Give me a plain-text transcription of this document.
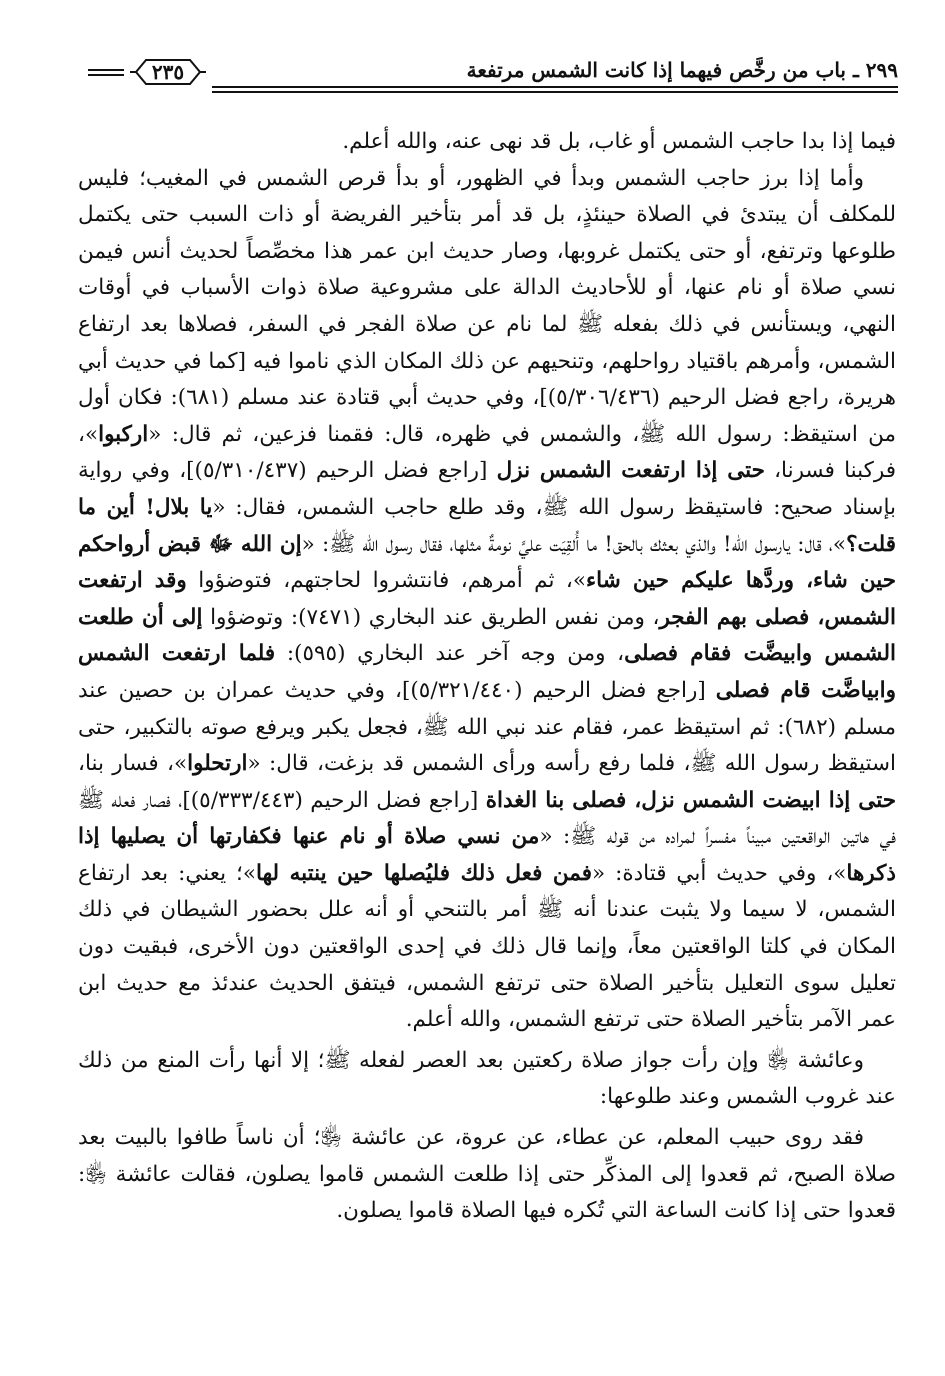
٢٩٩ ـ باب من رخَّص فيهما إذا كانت الشمس مرتفعة
٢٣٥

فيما إذا بدا حاجب الشمس أو غاب، بل قد نهى عنه، والله أعلم.

وأما إذا برز حاجب الشمس وبدأ في الظهور، أو بدأ قرص الشمس في المغيب؛ فليس للمكلف أن يبتدئ في الصلاة حينئذٍ، بل قد أمر بتأخير الفريضة أو ذات السبب حتى يكتمل طلوعها وترتفع، أو حتى يكتمل غروبها، وصار حديث ابن عمر هذا مخصِّصاً لحديث أنس فيمن نسي صلاة أو نام عنها، أو للأحاديث الدالة على مشروعية صلاة ذوات الأسباب في أوقات النهي، ويستأنس في ذلك بفعله ﷺ لما نام عن صلاة الفجر في السفر، فصلاها بعد ارتفاع الشمس، وأمرهم باقتياد رواحلهم، وتنحيهم عن ذلك المكان الذي ناموا فيه [كما في حديث أبي هريرة، راجع فضل الرحيم (٥/٣٠٦/٤٣٦)]، وفي حديث أبي قتادة عند مسلم (٦٨١): فكان أول من استيقظ: رسول الله ﷺ، والشمس في ظهره، قال: فقمنا فزعين، ثم قال: «اركبوا»، فركبنا فسرنا، حتى إذا ارتفعت الشمس نزل [راجع فضل الرحيم (٥/٣١٠/٤٣٧)]، وفي رواية بإسناد صحيح: فاستيقظ رسول الله ﷺ، وقد طلع حاجب الشمس، فقال: «يا بلال! أين ما قلت؟»، قال: يارسول الله! والذي بعثك بالحق! ما أُلقِيَت عليَّ نومةٌ مثلها، فقال رسول الله ﷺ: «إن الله ﷻ قبض أرواحكم حين شاء، وردَّها عليكم حين شاء»، ثم أمرهم، فانتشروا لحاجتهم، فتوضؤوا وقد ارتفعت الشمس، فصلى بهم الفجر، ومن نفس الطريق عند البخاري (٧٤٧١): وتوضؤوا إلى أن طلعت الشمس وابيضَّت فقام فصلى، ومن وجه آخر عند البخاري (٥٩٥): فلما ارتفعت الشمس وابياضَّت قام فصلى [راجع فضل الرحيم (٥/٣٢١/٤٤٠)]، وفي حديث عمران بن حصين عند مسلم (٦٨٢): ثم استيقظ عمر، فقام عند نبي الله ﷺ، فجعل يكبر ويرفع صوته بالتكبير، حتى استيقظ رسول الله ﷺ، فلما رفع رأسه ورأى الشمس قد بزغت، قال: «ارتحلوا»، فسار بنا، حتى إذا ابيضت الشمس نزل، فصلى بنا الغداة [راجع فضل الرحيم (٥/٣٣٣/٤٤٣)]، فصار فعله ﷺ في هاتين الواقعتين مبيناً مفسراً لمراده من قوله ﷺ: «من نسي صلاة أو نام عنها فكفارتها أن يصليها إذا ذكرها»، وفي حديث أبي قتادة: «فمن فعل ذلك فليُصلها حين ينتبه لها»؛ يعني: بعد ارتفاع الشمس، لا سيما ولا يثبت عندنا أنه ﷺ أمر بالتنحي أو أنه علل بحضور الشيطان في ذلك المكان في كلتا الواقعتين معاً، وإنما قال ذلك في إحدى الواقعتين دون الأخرى، فبقيت دون تعليل سوى التعليل بتأخير الصلاة حتى ترتفع الشمس، فيتفق الحديث عندئذ مع حديث ابن عمر الآمر بتأخير الصلاة حتى ترتفع الشمس، والله أعلم.

وعائشة ﵂ وإن رأت جواز صلاة ركعتين بعد العصر لفعله ﷺ؛ إلا أنها رأت المنع من ذلك عند غروب الشمس وعند طلوعها:

فقد روى حبيب المعلم، عن عطاء، عن عروة، عن عائشة ﵂؛ أن ناساً طافوا بالبيت بعد صلاة الصبح، ثم قعدوا إلى المذكِّر حتى إذا طلعت الشمس قاموا يصلون، فقالت عائشة ﵂: قعدوا حتى إذا كانت الساعة التي تُكره فيها الصلاة قاموا يصلون.
